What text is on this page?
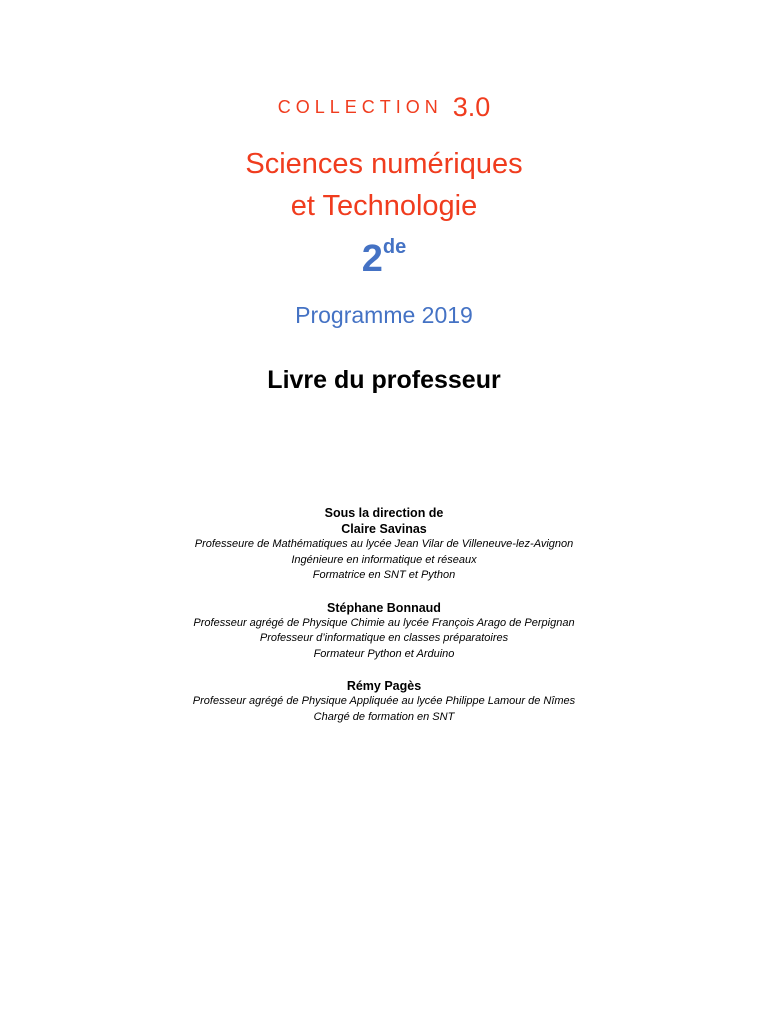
COLLECTION 3.0
Sciences numériques
et Technologie
2de
Programme 2019
Livre du professeur
Sous la direction de
Claire Savinas
Professeure de Mathématiques au lycée Jean Vilar de Villeneuve-lez-Avignon
Ingénieure en informatique et réseaux
Formatrice en SNT et Python
Stéphane Bonnaud
Professeur agrégé de Physique Chimie au lycée François Arago de Perpignan
Professeur d’informatique en classes préparatoires
Formateur Python et Arduino
Rémy Pagès
Professeur agrégé de Physique Appliquée au lycée Philippe Lamour de Nîmes
Chargé de formation en SNT
